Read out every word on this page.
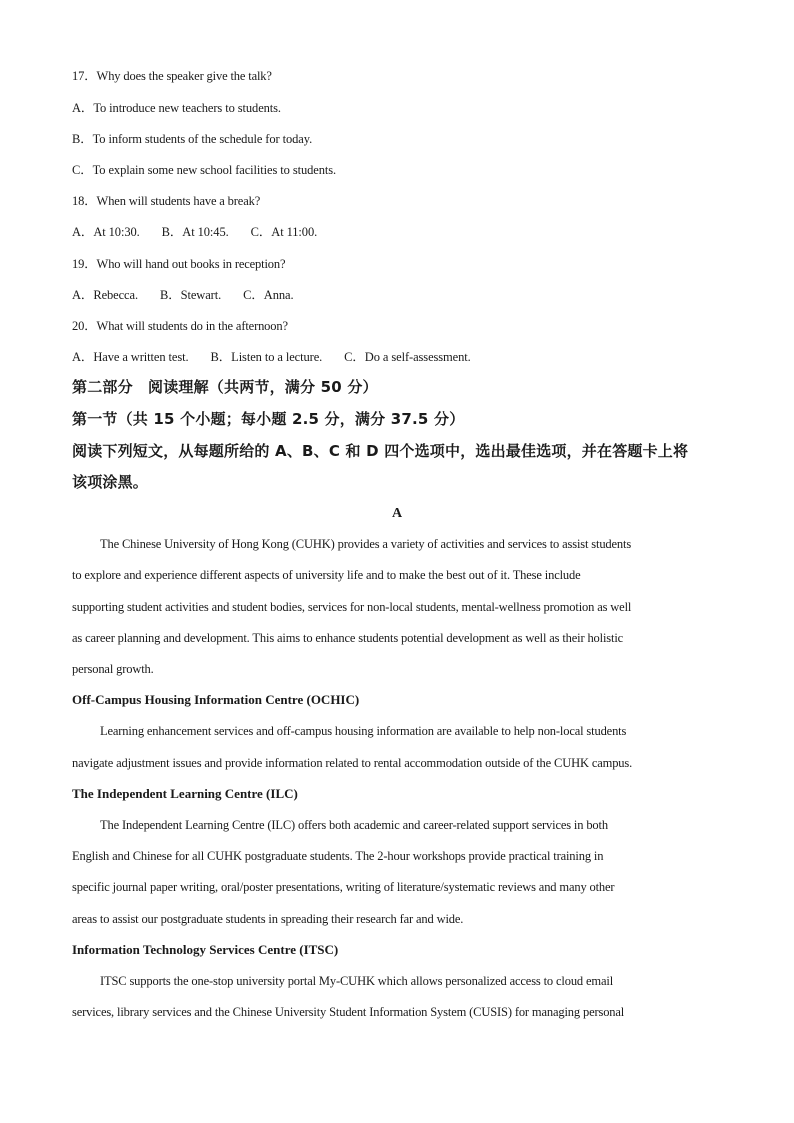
17．Why does the speaker give the talk?
A．To introduce new teachers to students.
B．To inform students of the schedule for today.
C．To explain some new school facilities to students.
18．When will students have a break?
A．At 10:30. B．At 10:45. C．At 11:00.
19．Who will hand out books in reception?
A．Rebecca. B．Stewart. C．Anna.
20．What will students do in the afternoon?
A．Have a written test. B．Listen to a lecture. C．Do a self-assessment.
第二部分　阅读理解（共两节，满分 50 分）
第一节（共 15 个小题；每小题 2.5 分，满分 37.5 分）
阅读下列短文，从每题所给的 A、B、C 和 D 四个选项中，选出最佳选项，并在答题卡上将
该项涂黑。
A
The Chinese University of Hong Kong (CUHK) provides a variety of activities and services to assist students
to explore and experience different aspects of university life and to make the best out of it. These include
supporting student activities and student bodies, services for non-local students, mental-wellness promotion as well
as career planning and development. This aims to enhance students potential development as well as their holistic
personal growth.
Off-Campus Housing Information Centre (OCHIC)
Learning enhancement services and off-campus housing information are available to help non-local students
navigate adjustment issues and provide information related to rental accommodation outside of the CUHK campus.
The Independent Learning Centre (ILC)
The Independent Learning Centre (ILC) offers both academic and career-related support services in both
English and Chinese for all CUHK postgraduate students. The 2-hour workshops provide practical training in
specific journal paper writing, oral/poster presentations, writing of literature/systematic reviews and many other
areas to assist our postgraduate students in spreading their research far and wide.
Information Technology Services Centre (ITSC)
ITSC supports the one-stop university portal My-CUHK which allows personalized access to cloud email
services, library services and the Chinese University Student Information System (CUSIS) for managing personal
